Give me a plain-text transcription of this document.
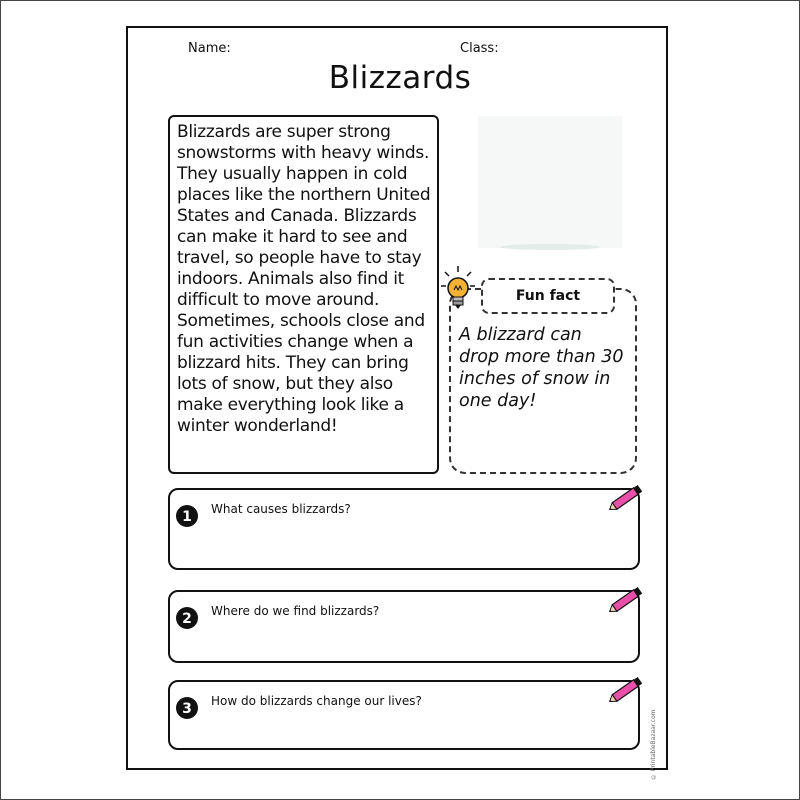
Name:	Class:
Blizzards

Blizzards are super strong snowstorms with heavy winds. They usually happen in cold places like the northern United States and Canada. Blizzards can make it hard to see and travel, so people have to stay indoors. Animals also find it difficult to move around. Sometimes, schools close and fun activities change when a blizzard hits. They can bring lots of snow, but they also make everything look like a winter wonderland!

A blizzard can drop more than 30 inches of snow in one day!

Fun fact
1 What causes blizzards?
2 Where do we find blizzards?
3 How do blizzards change our lives?
© PrintableBazaar.com
